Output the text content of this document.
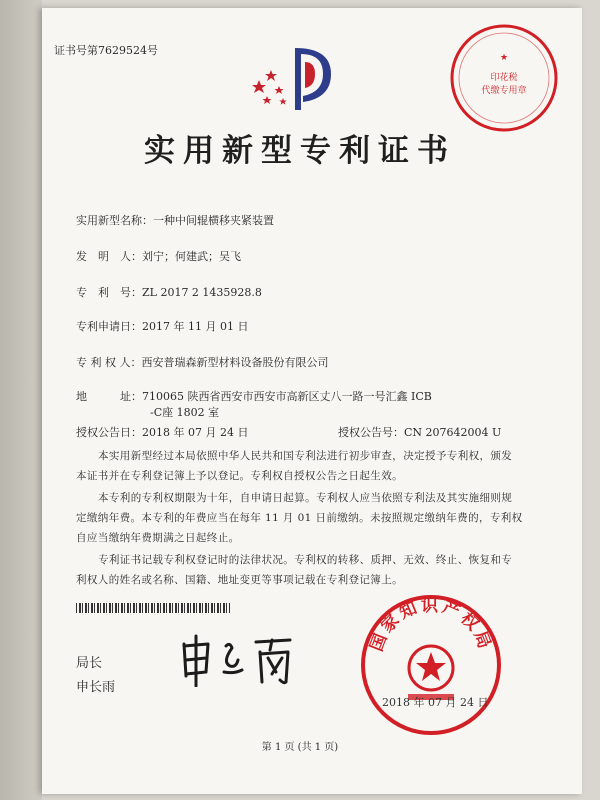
证书号第7629524号
★
印花税
代缴专用章
实用新型专利证书
实用新型名称：一种中间辊横移夹紧装置
发　明　人：刘宁；何建武；吴飞
专　利　号：ZL 2017 2 1435928.8
专利申请日：2017 年 11 月 01 日
专 利 权 人：西安普瑞森新型材料设备股份有限公司
地　　　址：710065 陕西省西安市西安市高新区丈八一路一号汇鑫 ICB
-C座 1802 室
授权公告日：2018 年 07 月 24 日	授权公告号：CN 207642004 U
本实用新型经过本局依照中华人民共和国专利法进行初步审查，决定授予专利权，颁发
本证书并在专利登记簿上予以登记。专利权自授权公告之日起生效。
本专利的专利权期限为十年，自申请日起算。专利权人应当依照专利法及其实施细则规
定缴纳年费。本专利的年费应当在每年 11 月 01 日前缴纳。未按照规定缴纳年费的，专利权
自应当缴纳年费期满之日起终止。
专利证书记载专利权登记时的法律状况。专利权的转移、质押、无效、终止、恢复和专
利权人的姓名或名称、国籍、地址变更等事项记载在专利登记簿上。
局长
申长雨
国家知识产权局
2018 年 07 月 24 日
第 1 页 (共 1 页)
